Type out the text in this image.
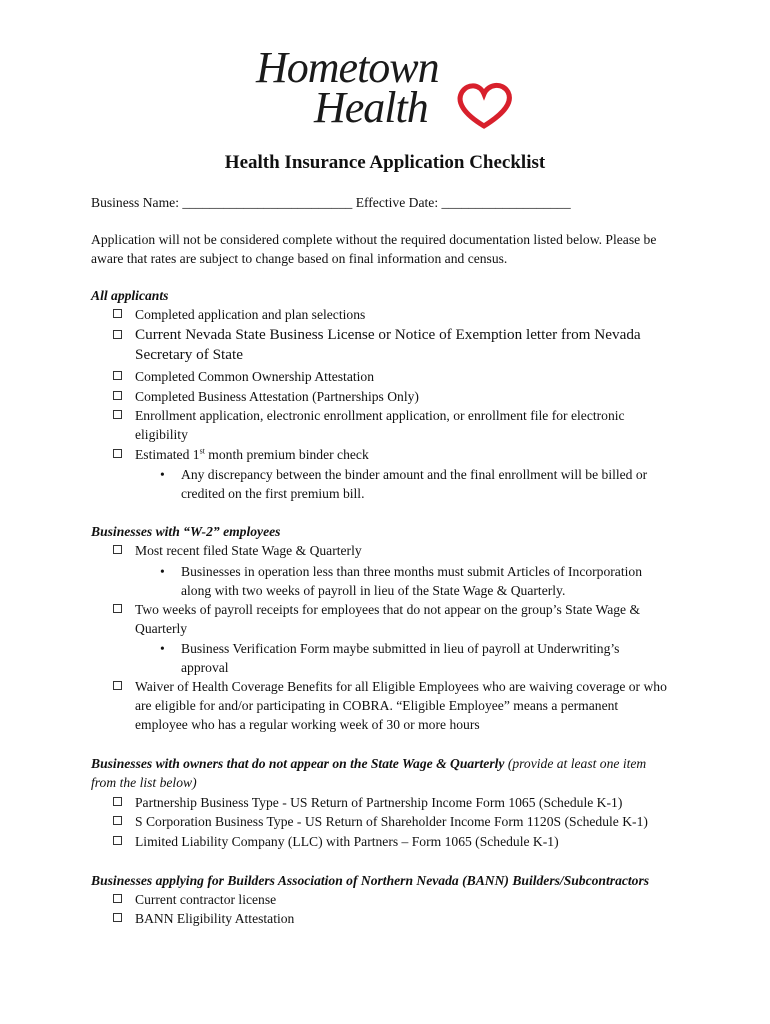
Hometown
Health
Health Insurance Application Checklist
Business Name: _________________________ Effective Date: ___________________
Application will not be considered complete without the required documentation listed below. Please be aware that rates are subject to change based on final information and census.
All applicants
Completed application and plan selections
Current Nevada State Business License or Notice of Exemption letter from Nevada Secretary of State
Completed Common Ownership Attestation
Completed Business Attestation (Partnerships Only)
Enrollment application, electronic enrollment application, or enrollment file for electronic eligibility
Estimated 1st month premium binder check
• Any discrepancy between the binder amount and the final enrollment will be billed or credited on the first premium bill.
Businesses with “W-2” employees
Most recent filed State Wage & Quarterly
• Businesses in operation less than three months must submit Articles of Incorporation along with two weeks of payroll in lieu of the State Wage & Quarterly.
Two weeks of payroll receipts for employees that do not appear on the group’s State Wage & Quarterly
• Business Verification Form maybe submitted in lieu of payroll at Underwriting’s approval
Waiver of Health Coverage Benefits for all Eligible Employees who are waiving coverage or who are eligible for and/or participating in COBRA. “Eligible Employee” means a permanent employee who has a regular working week of 30 or more hours
Businesses with owners that do not appear on the State Wage & Quarterly (provide at least one item
from the list below)
Partnership Business Type - US Return of Partnership Income Form 1065 (Schedule K-1)
S Corporation Business Type - US Return of Shareholder Income Form 1120S (Schedule K-1)
Limited Liability Company (LLC) with Partners – Form 1065 (Schedule K-1)
Businesses applying for Builders Association of Northern Nevada (BANN) Builders/Subcontractors
Current contractor license
BANN Eligibility Attestation
